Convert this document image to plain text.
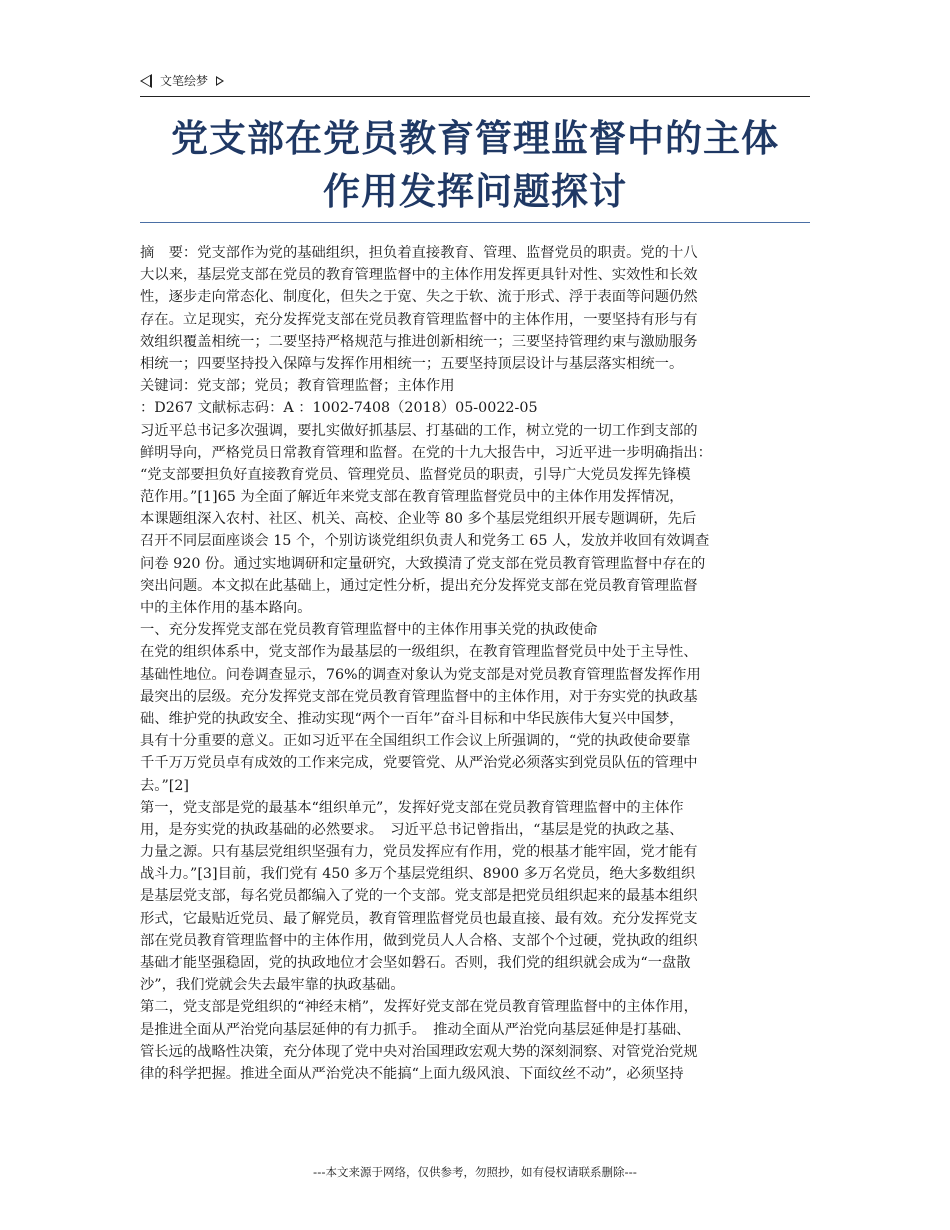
文笔绘梦
党支部在党员教育管理监督中的主体
作用发挥问题探讨
摘　要：党支部作为党的基础组织，担负着直接教育、管理、监督党员的职责。党的十八
大以来，基层党支部在党员的教育管理监督中的主体作用发挥更具针对性、实效性和长效
性，逐步走向常态化、制度化，但失之于宽、失之于软、流于形式、浮于表面等问题仍然
存在。立足现实，充分发挥党支部在党员教育管理监督中的主体作用，一要坚持有形与有
效组织覆盖相统一；二要坚持严格规范与推进创新相统一；三要坚持管理约束与激励服务
相统一；四要坚持投入保障与发挥作用相统一；五要坚持顶层设计与基层落实相统一。
关键词：党支部；党员；教育管理监督；主体作用
：D267 文献标志码：A ：1002-7408（2018）05-0022-05
习近平总书记多次强调，要扎实做好抓基层、打基础的工作，树立党的一切工作到支部的
鲜明导向，严格党员日常教育管理和监督。在党的十九大报告中，习近平进一步明确指出：
“党支部要担负好直接教育党员、管理党员、监督党员的职责，引导广大党员发挥先锋模
范作用。”[1]65 为全面了解近年来党支部在教育管理监督党员中的主体作用发挥情况，
本课题组深入农村、社区、机关、高校、企业等 80 多个基层党组织开展专题调研，先后
召开不同层面座谈会 15 个，个别访谈党组织负责人和党务工 65 人，发放并收回有效调查
问卷 920 份。通过实地调研和定量研究，大致摸清了党支部在党员教育管理监督中存在的
突出问题。本文拟在此基础上，通过定性分析，提出充分发挥党支部在党员教育管理监督
中的主体作用的基本路向。
一、充分发挥党支部在党员教育管理监督中的主体作用事关党的执政使命
在党的组织体系中，党支部作为最基层的一级组织，在教育管理监督党员中处于主导性、
基础性地位。问卷调查显示，76%的调查对象认为党支部是对党员教育管理监督发挥作用
最突出的层级。充分发挥党支部在党员教育管理监督中的主体作用，对于夯实党的执政基
础、维护党的执政安全、推动实现“两个一百年”奋斗目标和中华民族伟大复兴中国梦，
具有十分重要的意义。正如习近平在全国组织工作会议上所强调的，“党的执政使命要靠
千千万万党员卓有成效的工作来完成，党要管党、从严治党必须落实到党员队伍的管理中
去。”[2]
第一，党支部是党的最基本“组织单元”，发挥好党支部在党员教育管理监督中的主体作
用，是夯实党的执政基础的必然要求。　习近平总书记曾指出，“基层是党的执政之基、
力量之源。只有基层党组织坚强有力，党员发挥应有作用，党的根基才能牢固，党才能有
战斗力。”[3]目前，我们党有 450 多万个基层党组织、8900 多万名党员，绝大多数组织
是基层党支部，每名党员都编入了党的一个支部。党支部是把党员组织起来的最基本组织
形式，它最贴近党员、最了解党员，教育管理监督党员也最直接、最有效。充分发挥党支
部在党员教育管理监督中的主体作用，做到党员人人合格、支部个个过硬，党执政的组织
基础才能坚强稳固，党的执政地位才会坚如磐石。否则，我们党的组织就会成为“一盘散
沙”，我们党就会失去最牢靠的执政基础。
第二，党支部是党组织的“神经末梢”，发挥好党支部在党员教育管理监督中的主体作用，
是推进全面从严治党向基层延伸的有力抓手。　推动全面从严治党向基层延伸是打基础、
管长远的战略性决策，充分体现了党中央对治国理政宏观大势的深刻洞察、对管党治党规
律的科学把握。推进全面从严治党决不能搞“上面九级风浪、下面纹丝不动”，必须坚持
---本文来源于网络，仅供参考，勿照抄，如有侵权请联系删除---
